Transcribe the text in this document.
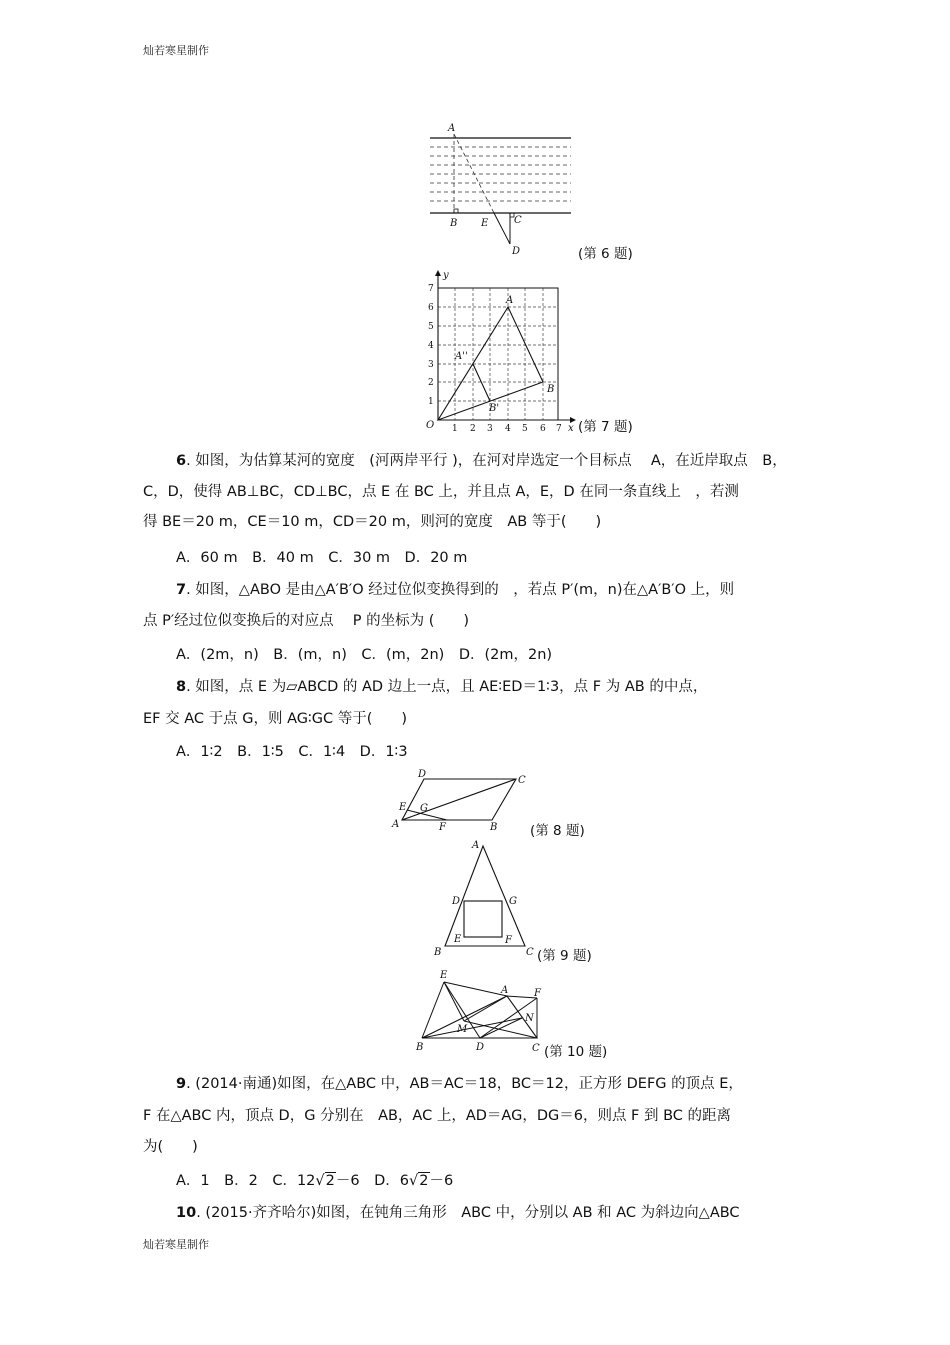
灿若寒星制作
A
B E	C
D	(第 6 题)
y
x
O
A
A''
B
B'
1 2 3 4 5 6 7
1
2
3
4
5
6
7
(第 7 题)
6. 如图，为估算某河的宽度　(河两岸平行 )，在河对岸选定一个目标点　 A，在近岸取点　B，
C，D，使得 AB⊥BC，CD⊥BC，点 E 在 BC 上，并且点 A，E，D 在同一条直线上　，若测
得 BE＝20 m，CE＝10 m，CD＝20 m，则河的宽度　AB 等于(　　)
A．60 m　B．40 m　C．30 m　D．20 m
7. 如图，△ABO 是由△A′B′O 经过位似变换得到的　，若点 P′(m，n)在△A′B′O 上，则
点 P′经过位似变换后的对应点　 P 的坐标为 (　　)
A．(2m，n)　B．(m，n)　C．(m，2n)　D．(2m，2n)
8. 如图，点 E 为▱ABCD 的 AD 边上一点，且 AE∶ED＝1∶3，点 F 为 AB 的中点，
EF 交 AC 于点 G，则 AG∶GC 等于(　　)
A．1∶2　B．1∶5　C．1∶4　D．1∶3
A	B
C
D
E G
F	(第 8 题)
A
B	C
D	G
E	F
(第 9 题)
E
A	F
M
N
B	D	C (第 10 题)
9. (2014·南通)如图，在△ABC 中，AB＝AC＝18，BC＝12，正方形 DEFG 的顶点 E，
F 在△ABC 内，顶点 D，G 分别在　AB，AC 上，AD＝AG，DG＝6，则点 F 到 BC 的距离
为(　　)
A．1　B．2　C．12√2－6　D．6√2－6
10. (2015·齐齐哈尔)如图，在钝角三角形　ABC 中，分别以 AB 和 AC 为斜边向△ABC
灿若寒星制作
